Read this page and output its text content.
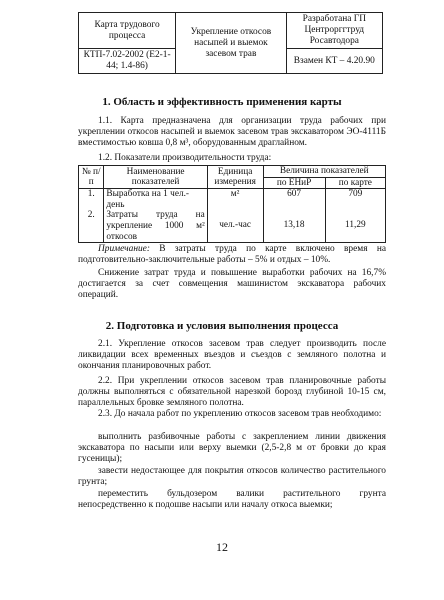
Карта трудового процесса	Укрепление откосов насыпей и выемок засевом трав	Разработана ГП Центрорггтруд Росавтодора
КТП-7.02-2002 (Е2-1-44; 1.4-86)		Взамен КТ – 4.20.90
1. Область и эффективность применения карты

1.1. Карта предназначена для организации труда рабочих при укреплении откосов насыпей и выемок засевом трав экскаватором ЭО-4111Б вместимостью ковша 0,8 м³, оборудованным драглайном.

1.2. Показатели производительности труда:

№ п/п	Наименование показателей	Единица измерения	Величина показателей	
			по ЕНиР	по карте
1.	Выработка на 1 чел.-день	м²	607	709
2.	Затраты труда на укрепление 1000 м² откосов	чел.-час	13,18	11,29

Примечание: В затраты труда по карте включено время на подготовительно-заключительные работы – 5% и отдых – 10%.

Снижение затрат труда и повышение выработки рабочих на 16,7% достигается за счет совмещения машинистом экскаватора рабочих операций.

2. Подготовка и условия выполнения процесса

2.1. Укрепление откосов засевом трав следует производить после ликвидации всех временных въездов и съездов с земляного полотна и окончания планировочных работ.

2.2. При укреплении откосов засевом трав планировочные работы должны выполняться с обязательной нарезкой борозд глубиной 10-15 см, параллельных бровке земляного полотна.

2.3. До начала работ по укреплению откосов засевом трав необходимо:

выполнить разбивочные работы с закреплением линии движения экскаватора по насыпи или верху выемки (2,5-2,8 м от бровки до края гусеницы);

завести недостающее для покрытия откосов количество растительного грунта;

переместить бульдозером валики растительного грунта непосредственно к подошве насыпи или началу откоса выемки;

12
